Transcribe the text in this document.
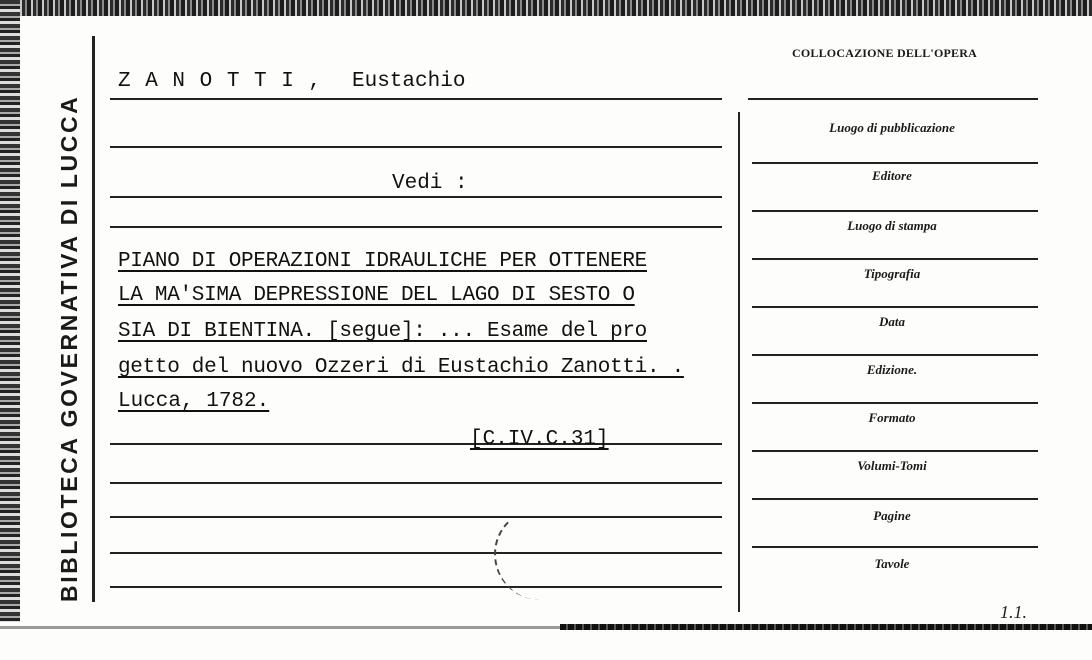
BIBLIOTECA GOVERNATIVA DI LUCCA
Z A N O T T I , Eustachio
Vedi :
PIANO DI OPERAZIONI IDRAULICHE PER OTTENERE
LA MA'SIMA DEPRESSIONE DEL LAGO DI SESTO O
SIA DI BIENTINA. [segue]: ... Esame del pro
getto del nuovo Ozzeri di Eustachio Zanotti. .
Lucca, 1782.
[C.IV.C.31]
COLLOCAZIONE DELL'OPERA
Luogo di pubblicazione
Editore
Luogo di stampa
Tipografia
Data
Edizione.
Formato
Volumi-Tomi
Pagine
Tavole
1.1.
